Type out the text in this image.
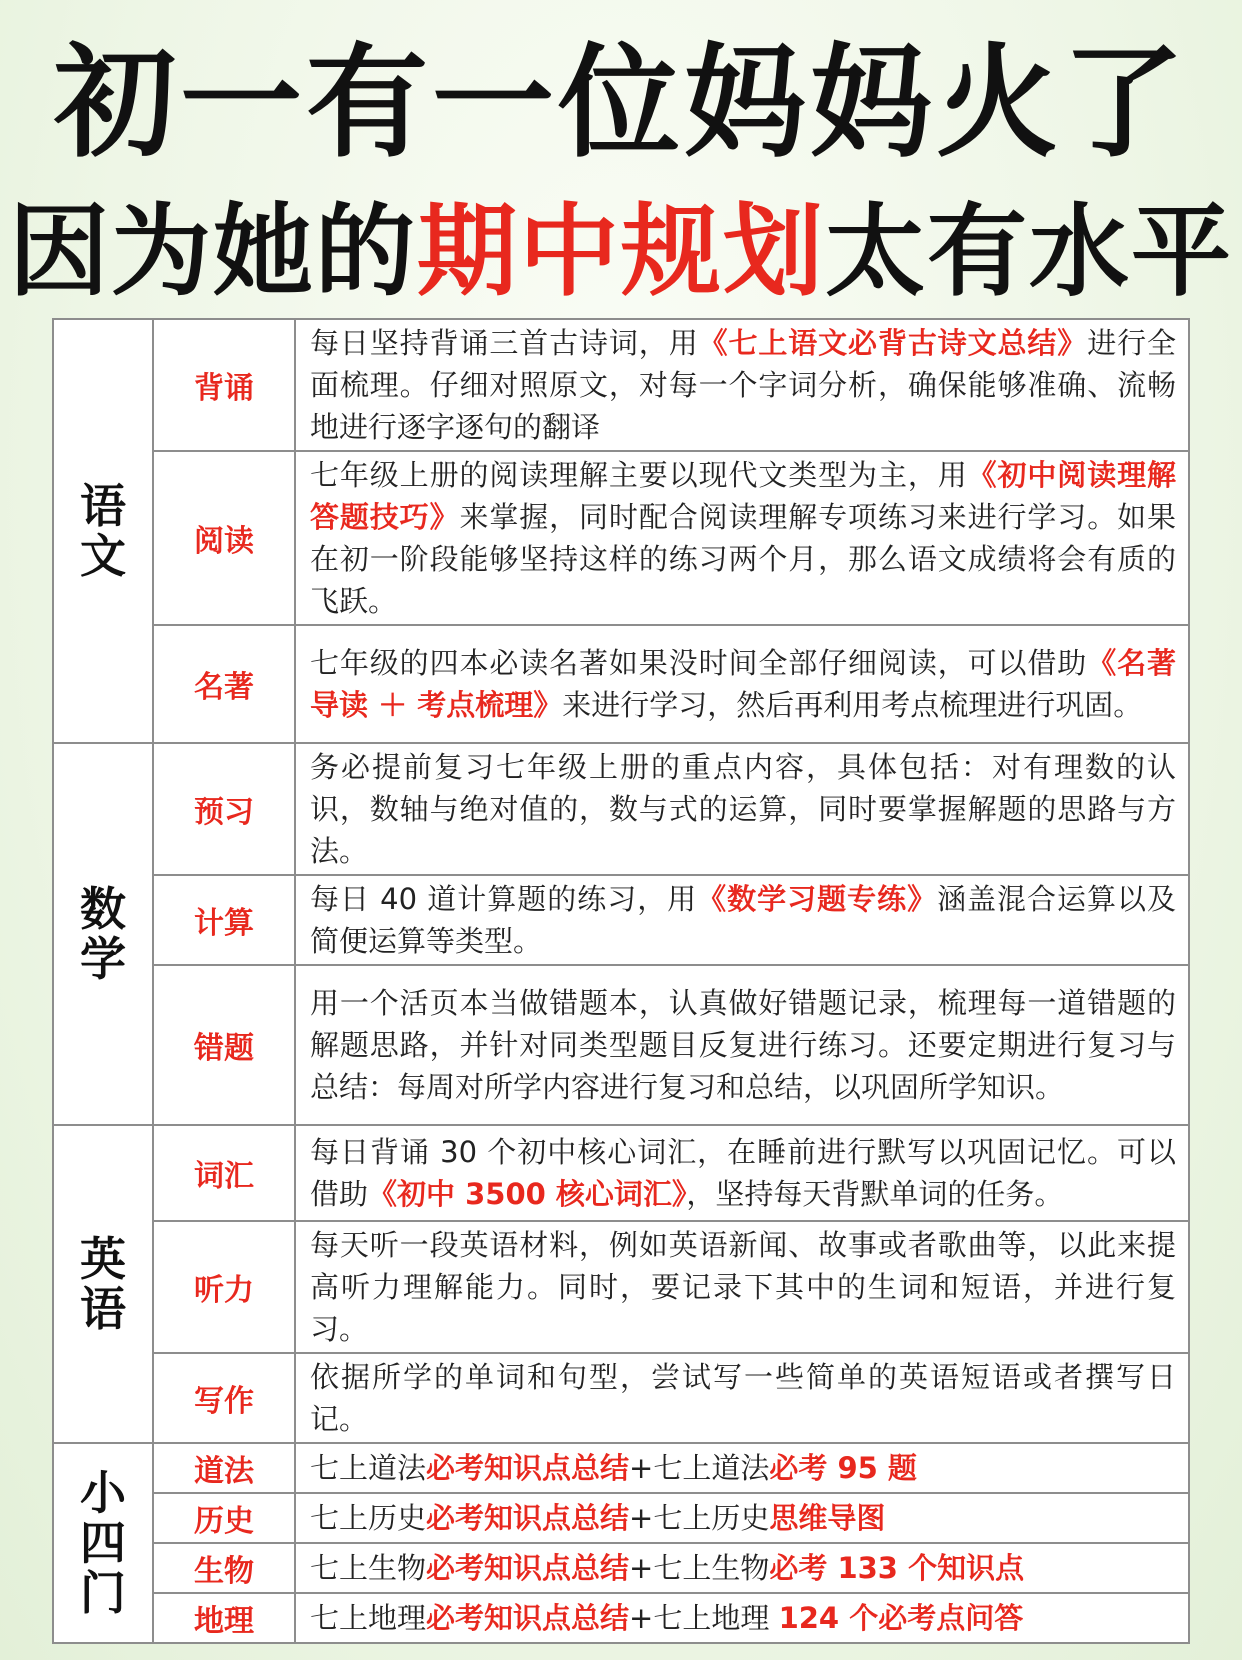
初一有一位妈妈火了
因为她的期中规划太有水平
语文	背诵	每日坚持背诵三首古诗词，用《七上语文必背古诗文总结》进行全面梳理。仔细对照原文，对每一个字词分析，确保能够准确、流畅地进行逐字逐句的翻译
	阅读	七年级上册的阅读理解主要以现代文类型为主，用《初中阅读理解答题技巧》来掌握，同时配合阅读理解专项练习来进行学习。如果在初一阶段能够坚持这样的练习两个月，那么语文成绩将会有质的飞跃。
	名著	七年级的四本必读名著如果没时间全部仔细阅读，可以借助《名著导读 ＋ 考点梳理》来进行学习，然后再利用考点梳理进行巩固。
数学	预习	务必提前复习七年级上册的重点内容，具体包括：对有理数的认识，数轴与绝对值的，数与式的运算，同时要掌握解题的思路与方法。
	计算	每日 40 道计算题的练习，用《数学习题专练》涵盖混合运算以及简便运算等类型。
	错题	用一个活页本当做错题本，认真做好错题记录，梳理每一道错题的解题思路，并针对同类型题目反复进行练习。还要定期进行复习与总结：每周对所学内容进行复习和总结，以巩固所学知识。
英语	词汇	每日背诵 30 个初中核心词汇，在睡前进行默写以巩固记忆。可以借助《初中 3500 核心词汇》，坚持每天背默单词的任务。
	听力	每天听一段英语材料，例如英语新闻、故事或者歌曲等，以此来提高听力理解能力。同时，要记录下其中的生词和短语，并进行复习。
	写作	依据所学的单词和句型，尝试写一些简单的英语短语或者撰写日记。
小四门	道法	七上道法必考知识点总结+七上道法必考 95 题
	历史	七上历史必考知识点总结+七上历史思维导图
	生物	七上生物必考知识点总结+七上生物必考 133 个知识点
	地理	七上地理必考知识点总结+七上地理 124 个必考点问答
